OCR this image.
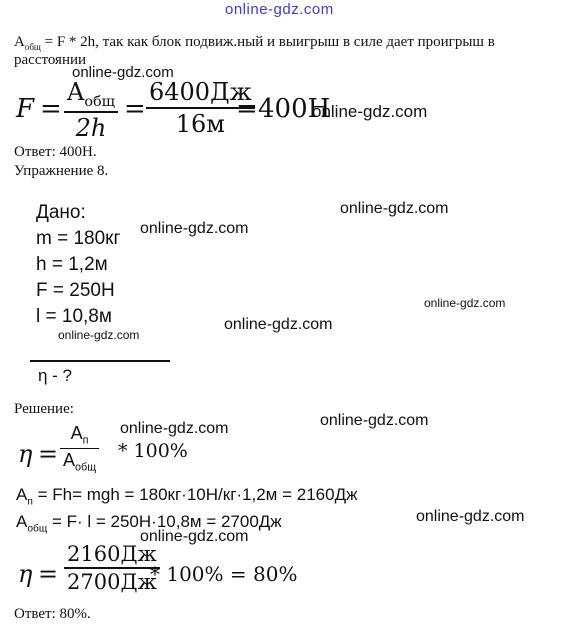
online-gdz.com
$A_{общ} = F * 2h$, так как блок подвиж.ный и выигрыш в силе дает проигрыш в
расстоянии
F =
$A_{общ}$
2h
=
6400Дж
16м = 400Н
online-gdz.com
online-gdz.com
Ответ: 400Н.
Упражнение 8.
Дано:
m = 180кг
h = 1,2м
F = 250Н
l = 10,8м
η - ?
online-gdz.com
online-gdz.com
online-gdz.com
online-gdz.com
online-gdz.com
Решение:
online-gdz.com	online-gdz.com
η =
$A_п$
$A_{общ}$
* 100%
$A_п = Fh=$ mgh = 180кг·10Н/кг·1,2м = 2160Дж
$A_{общ} = F\cdot l = 250Н\cdot 10,8м = 2700Дж$	online-gdz.com
online-gdz.com
η =
2160Дж
2700Дж
* 100% = 80%
Ответ: 80%.
